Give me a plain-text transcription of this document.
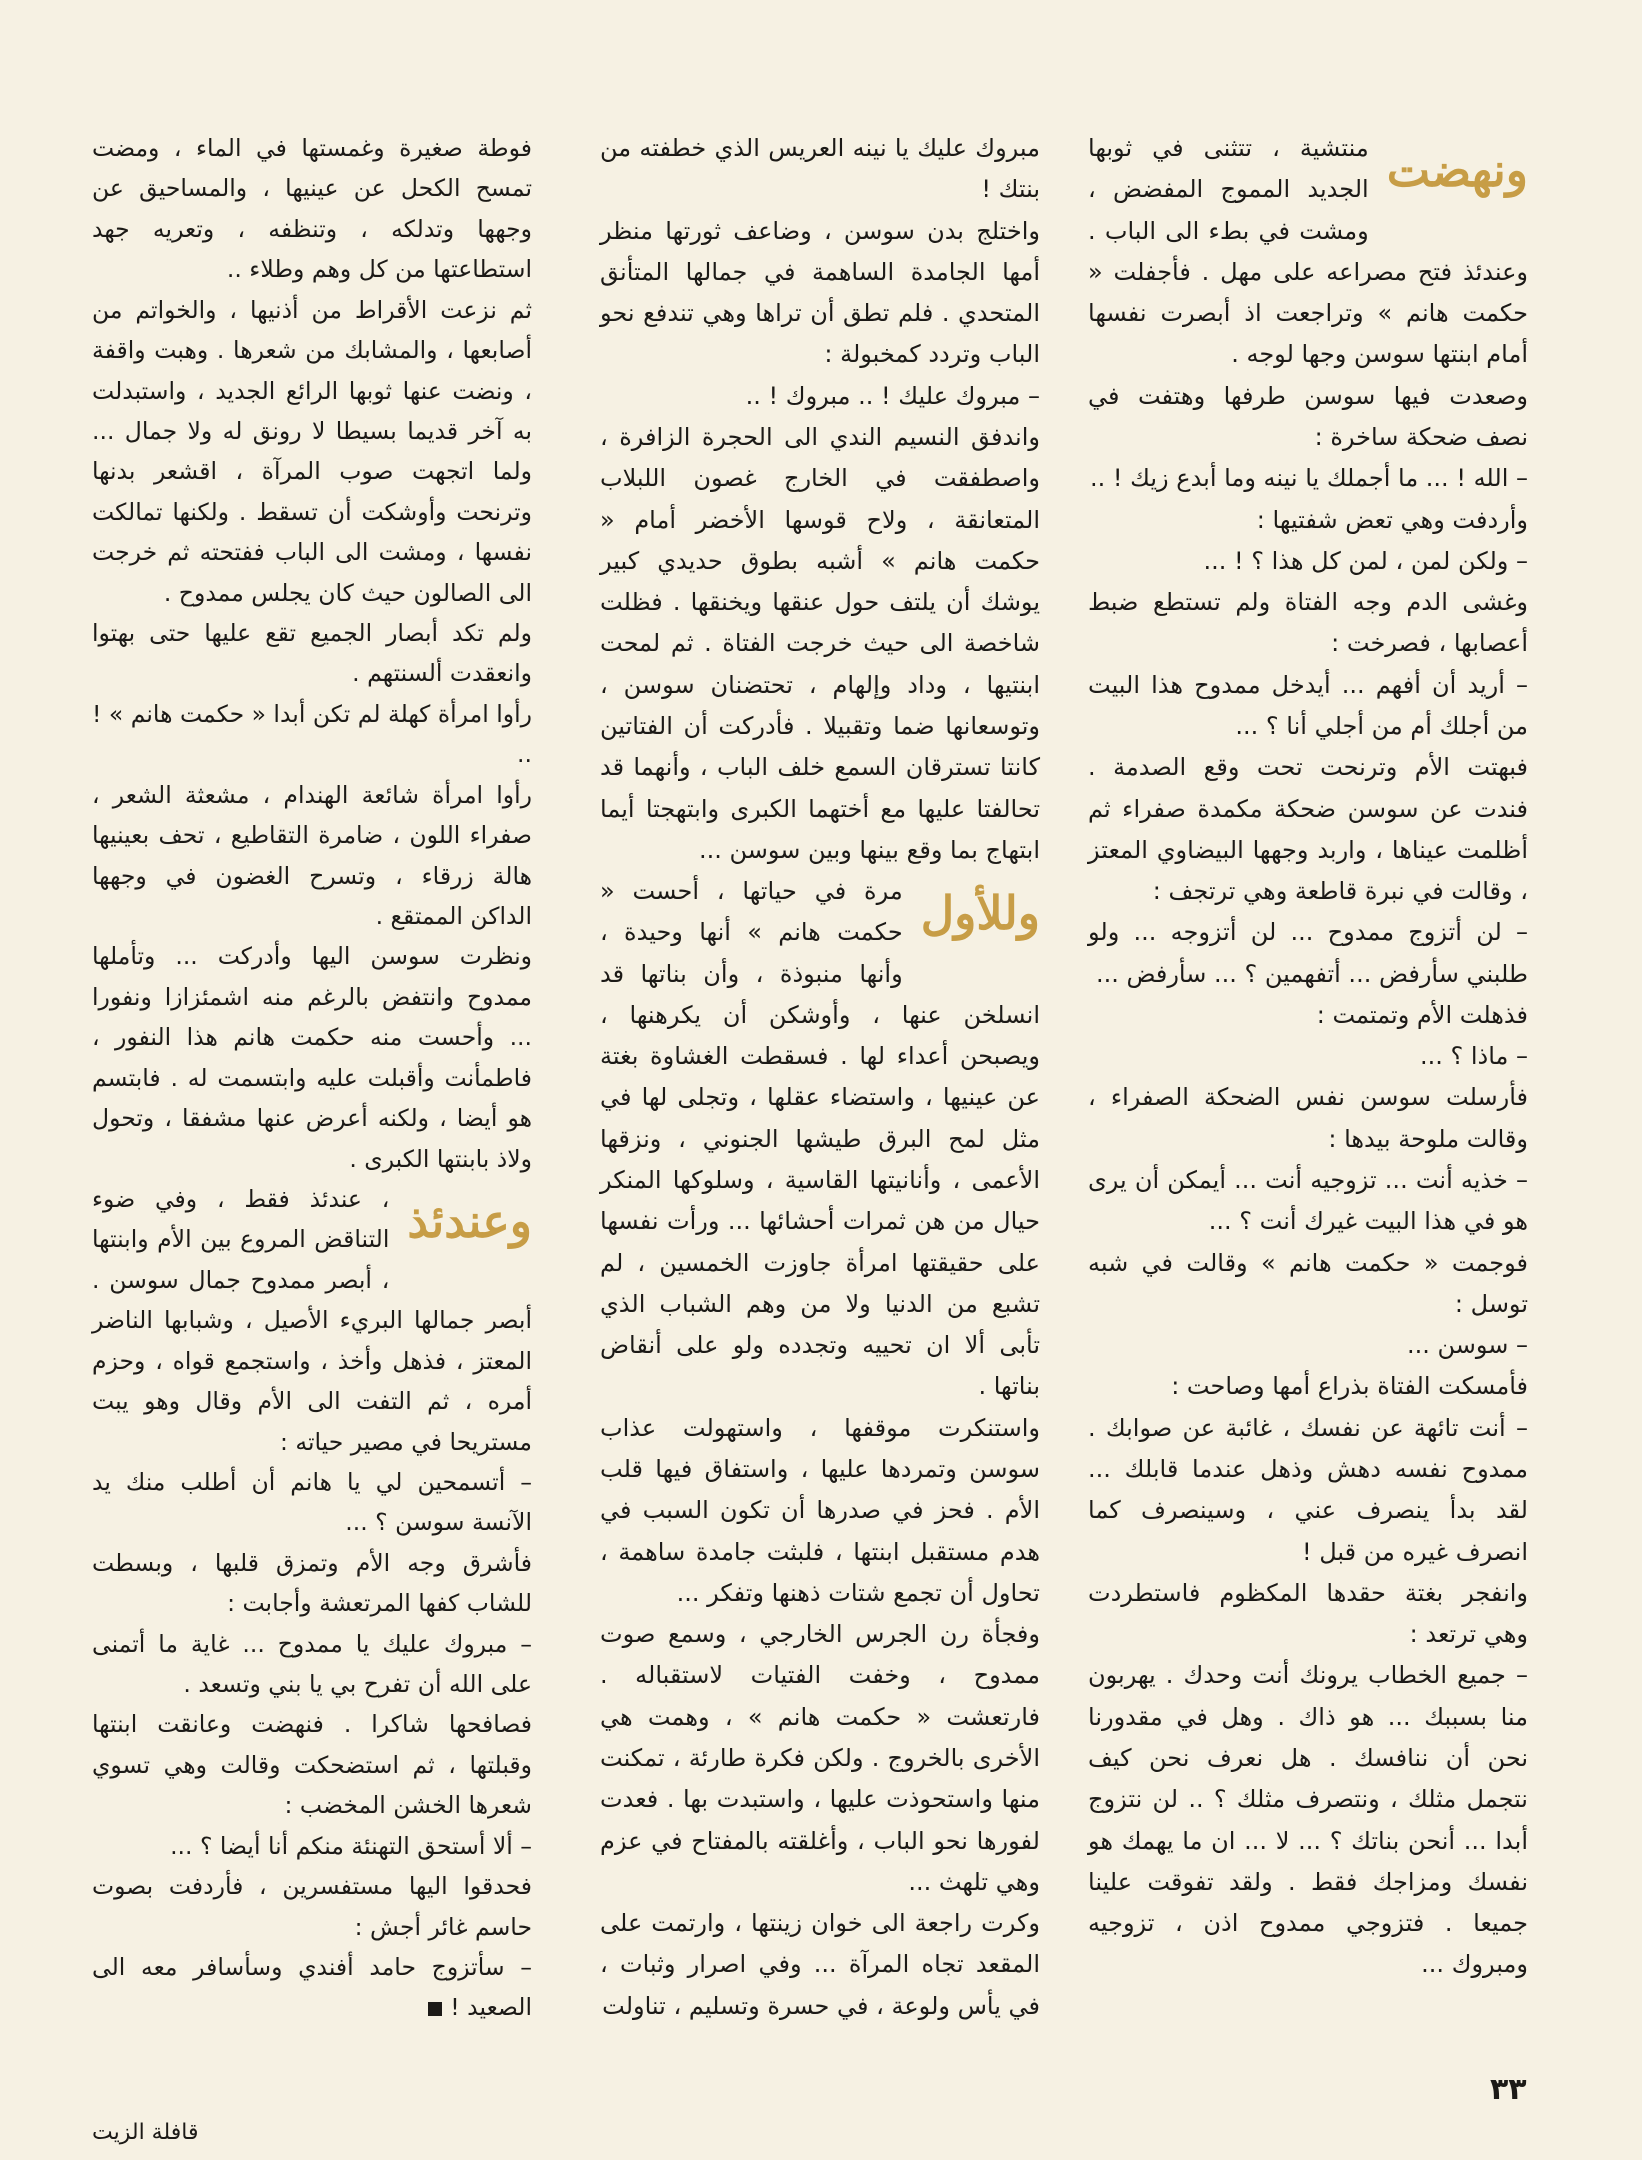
ونهضت

منتشية ، تتثنى في ثوبها الجديد المموج المفضض ، ومشت في بطء الى الباب . وعندئذ فتح مصراعه على مهل . فأجفلت « حكمت هانم » وتراجعت اذ أبصرت نفسها أمام ابنتها سوسن وجها لوجه .

وصعدت فيها سوسن طرفها وهتفت في نصف ضحكة ساخرة :

– الله ! ... ما أجملك يا نينه وما أبدع زيك ! ..

وأردفت وهي تعض شفتيها :

– ولكن لمن ، لمن كل هذا ؟ ! ...

وغشى الدم وجه الفتاة ولم تستطع ضبط أعصابها ، فصرخت :

– أريد أن أفهم ... أيدخل ممدوح هذا البيت من أجلك أم من أجلي أنا ؟ ...

فبهتت الأم وترنحت تحت وقع الصدمة . فندت عن سوسن ضحكة مكمدة صفراء ثم أظلمت عيناها ، واربد وجهها البيضاوي المعتز ، وقالت في نبرة قاطعة وهي ترتجف :

– لن أتزوج ممدوح ... لن أتزوجه ... ولو طلبني سأرفض ... أتفهمين ؟ ... سأرفض ...

فذهلت الأم وتمتمت :

– ماذا ؟ ...

فأرسلت سوسن نفس الضحكة الصفراء ، وقالت ملوحة بيدها :

– خذيه أنت ... تزوجيه أنت ... أيمكن أن يرى هو في هذا البيت غيرك أنت ؟ ...

فوجمت « حكمت هانم » وقالت في شبه توسل :

– سوسن ...

فأمسكت الفتاة بذراع أمها وصاحت :

– أنت تائهة عن نفسك ، غائبة عن صوابك . ممدوح نفسه دهش وذهل عندما قابلك ... لقد بدأ ينصرف عني ، وسينصرف كما انصرف غيره من قبل !

وانفجر بغتة حقدها المكظوم فاستطردت وهي ترتعد :

– جميع الخطاب يرونك أنت وحدك . يهربون منا بسببك ... هو ذاك . وهل في مقدورنا نحن أن ننافسك . هل نعرف نحن كيف نتجمل مثلك ، ونتصرف مثلك ؟ .. لن نتزوج أبدا ... أنحن بناتك ؟ ... لا ... ان ما يهمك هو نفسك ومزاجك فقط . ولقد تفوقت علينا جميعا . فتزوجي ممدوح اذن ، تزوجيه ومبروك ...

مبروك عليك يا نينه العريس الذي خطفته من بنتك !

واختلج بدن سوسن ، وضاعف ثورتها منظر أمها الجامدة الساهمة في جمالها المتأنق المتحدي . فلم تطق أن تراها وهي تندفع نحو الباب وتردد كمخبولة :

– مبروك عليك ! .. مبروك ! ..

واندفق النسيم الندي الى الحجرة الزافرة ، واصطفقت في الخارج غصون اللبلاب المتعانقة ، ولاح قوسها الأخضر أمام « حكمت هانم » أشبه بطوق حديدي كبير يوشك أن يلتف حول عنقها ويخنقها . فظلت شاخصة الى حيث خرجت الفتاة . ثم لمحت ابنتيها ، وداد وإلهام ، تحتضنان سوسن ، وتوسعانها ضما وتقبيلا . فأدركت أن الفتاتين كانتا تسترقان السمع خلف الباب ، وأنهما قد تحالفتا عليها مع أختهما الكبرى وابتهجتا أيما ابتهاج بما وقع بينها وبين سوسن ...

وللأول

مرة في حياتها ، أحست « حكمت هانم » أنها وحيدة ، وأنها منبوذة ، وأن بناتها قد انسلخن عنها ، وأوشكن أن يكرهنها ، ويصبحن أعداء لها . فسقطت الغشاوة بغتة عن عينيها ، واستضاء عقلها ، وتجلى لها في مثل لمح البرق طيشها الجنوني ، ونزقها الأعمى ، وأنانيتها القاسية ، وسلوكها المنكر حيال من هن ثمرات أحشائها ... ورأت نفسها على حقيقتها امرأة جاوزت الخمسين ، لم تشبع من الدنيا ولا من وهم الشباب الذي تأبى ألا ان تحييه وتجدده ولو على أنقاض بناتها .

واستنكرت موقفها ، واستهولت عذاب سوسن وتمردها عليها ، واستفاق فيها قلب الأم . فحز في صدرها أن تكون السبب في هدم مستقبل ابنتها ، فلبثت جامدة ساهمة ، تحاول أن تجمع شتات ذهنها وتفكر ...

وفجأة رن الجرس الخارجي ، وسمع صوت ممدوح ، وخفت الفتيات لاستقباله . فارتعشت « حكمت هانم » ، وهمت هي الأخرى بالخروج . ولكن فكرة طارئة ، تمكنت منها واستحوذت عليها ، واستبدت بها . فعدت لفورها نحو الباب ، وأغلقته بالمفتاح في عزم وهي تلهث ...

وكرت راجعة الى خوان زينتها ، وارتمت على المقعد تجاه المرآة ... وفي اصرار وثبات ، في يأس ولوعة ، في حسرة وتسليم ، تناولت

فوطة صغيرة وغمستها في الماء ، ومضت تمسح الكحل عن عينيها ، والمساحيق عن وجهها وتدلكه ، وتنظفه ، وتعريه جهد استطاعتها من كل وهم وطلاء ..

ثم نزعت الأقراط من أذنيها ، والخواتم من أصابعها ، والمشابك من شعرها . وهبت واقفة ، ونضت عنها ثوبها الرائع الجديد ، واستبدلت به آخر قديما بسيطا لا رونق له ولا جمال ... ولما اتجهت صوب المرآة ، اقشعر بدنها وترنحت وأوشكت أن تسقط . ولكنها تمالكت نفسها ، ومشت الى الباب ففتحته ثم خرجت الى الصالون حيث كان يجلس ممدوح .

ولم تكد أبصار الجميع تقع عليها حتى بهتوا وانعقدت ألسنتهم .

رأوا امرأة كهلة لم تكن أبدا « حكمت هانم » ! ..

رأوا امرأة شائعة الهندام ، مشعثة الشعر ، صفراء اللون ، ضامرة التقاطيع ، تحف بعينيها هالة زرقاء ، وتسرح الغضون في وجهها الداكن الممتقع .

ونظرت سوسن اليها وأدركت ... وتأملها ممدوح وانتفض بالرغم منه اشمئزازا ونفورا ... وأحست منه حكمت هانم هذا النفور ، فاطمأنت وأقبلت عليه وابتسمت له . فابتسم هو أيضا ، ولكنه أعرض عنها مشفقا ، وتحول ولاذ بابنتها الكبرى .

وعندئذ

، عندئذ فقط ، وفي ضوء التناقض المروع بين الأم وابنتها ، أبصر ممدوح جمال سوسن . أبصر جمالها البريء الأصيل ، وشبابها الناضر المعتز ، فذهل وأخذ ، واستجمع قواه ، وحزم أمره ، ثم التفت الى الأم وقال وهو يبت مستريحا في مصير حياته :

– أتسمحين لي يا هانم أن أطلب منك يد الآنسة سوسن ؟ ...

فأشرق وجه الأم وتمزق قلبها ، وبسطت للشاب كفها المرتعشة وأجابت :

– مبروك عليك يا ممدوح ... غاية ما أتمنى على الله أن تفرح بي يا بني وتسعد .

فصافحها شاكرا . فنهضت وعانقت ابنتها وقبلتها ، ثم استضحكت وقالت وهي تسوي شعرها الخشن المخضب :

– ألا أستحق التهنئة منكم أنا أيضا ؟ ...

فحدقوا اليها مستفسرين ، فأردفت بصوت حاسم غائر أجش :

– سأتزوج حامد أفندي وسأسافر معه الى الصعيد !

٣٣
قافلة الزيت
